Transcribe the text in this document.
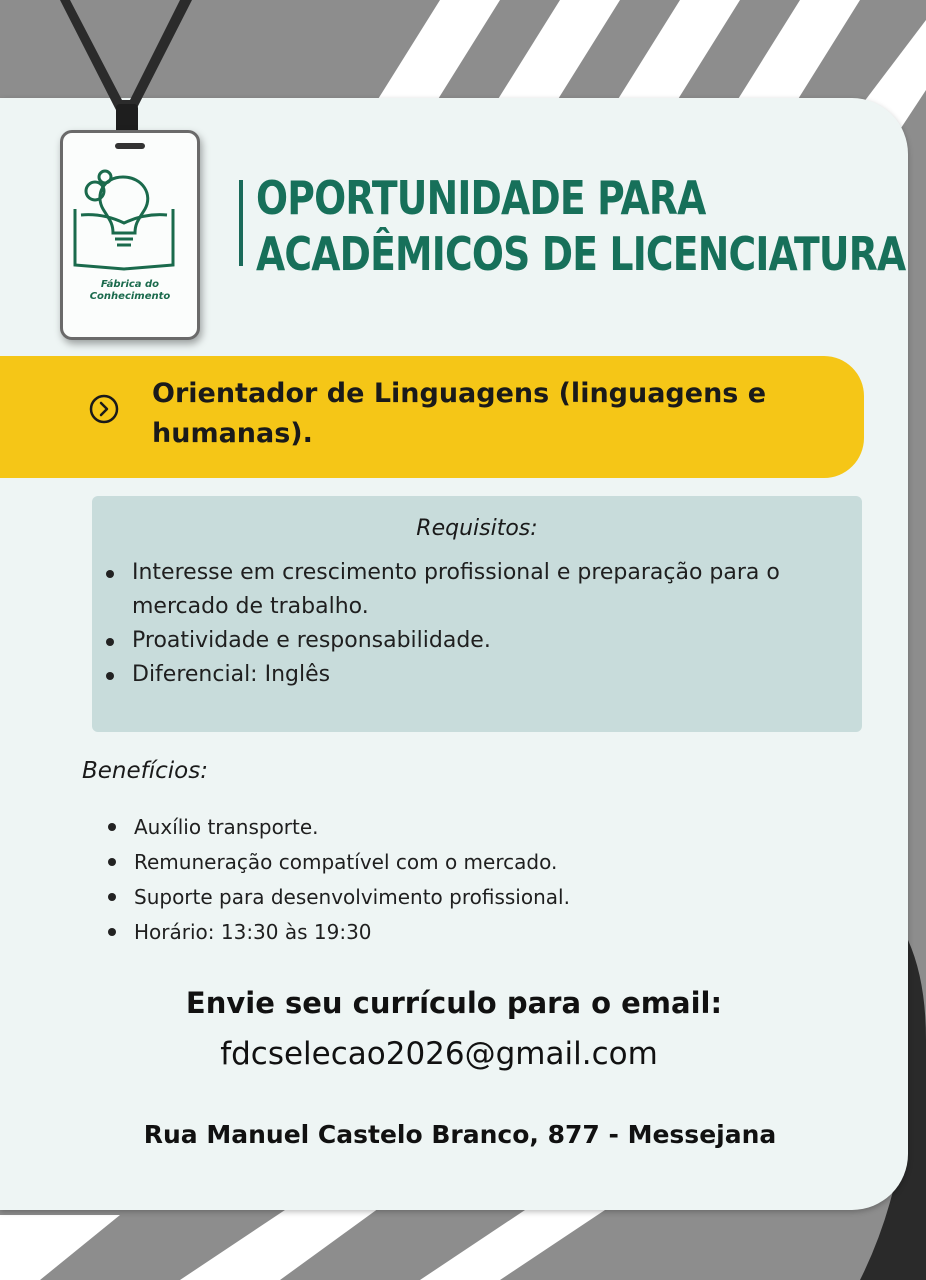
Fábrica do
Conhecimento
OPORTUNIDADE PARA
ACADÊMICOS DE LICENCIATURA
Orientador de Linguagens (linguagens e humanas).
Requisitos:
Interesse em crescimento profissional e preparação para o mercado de trabalho.
Proatividade e responsabilidade.
Diferencial: Inglês
Benefícios:
Auxílio transporte.
Remuneração compatível com o mercado.
Suporte para desenvolvimento profissional.
Horário: 13:30 às 19:30
Envie seu currículo para o email:
fdcselecao2026@gmail.com
Rua Manuel Castelo Branco, 877 - Messejana
